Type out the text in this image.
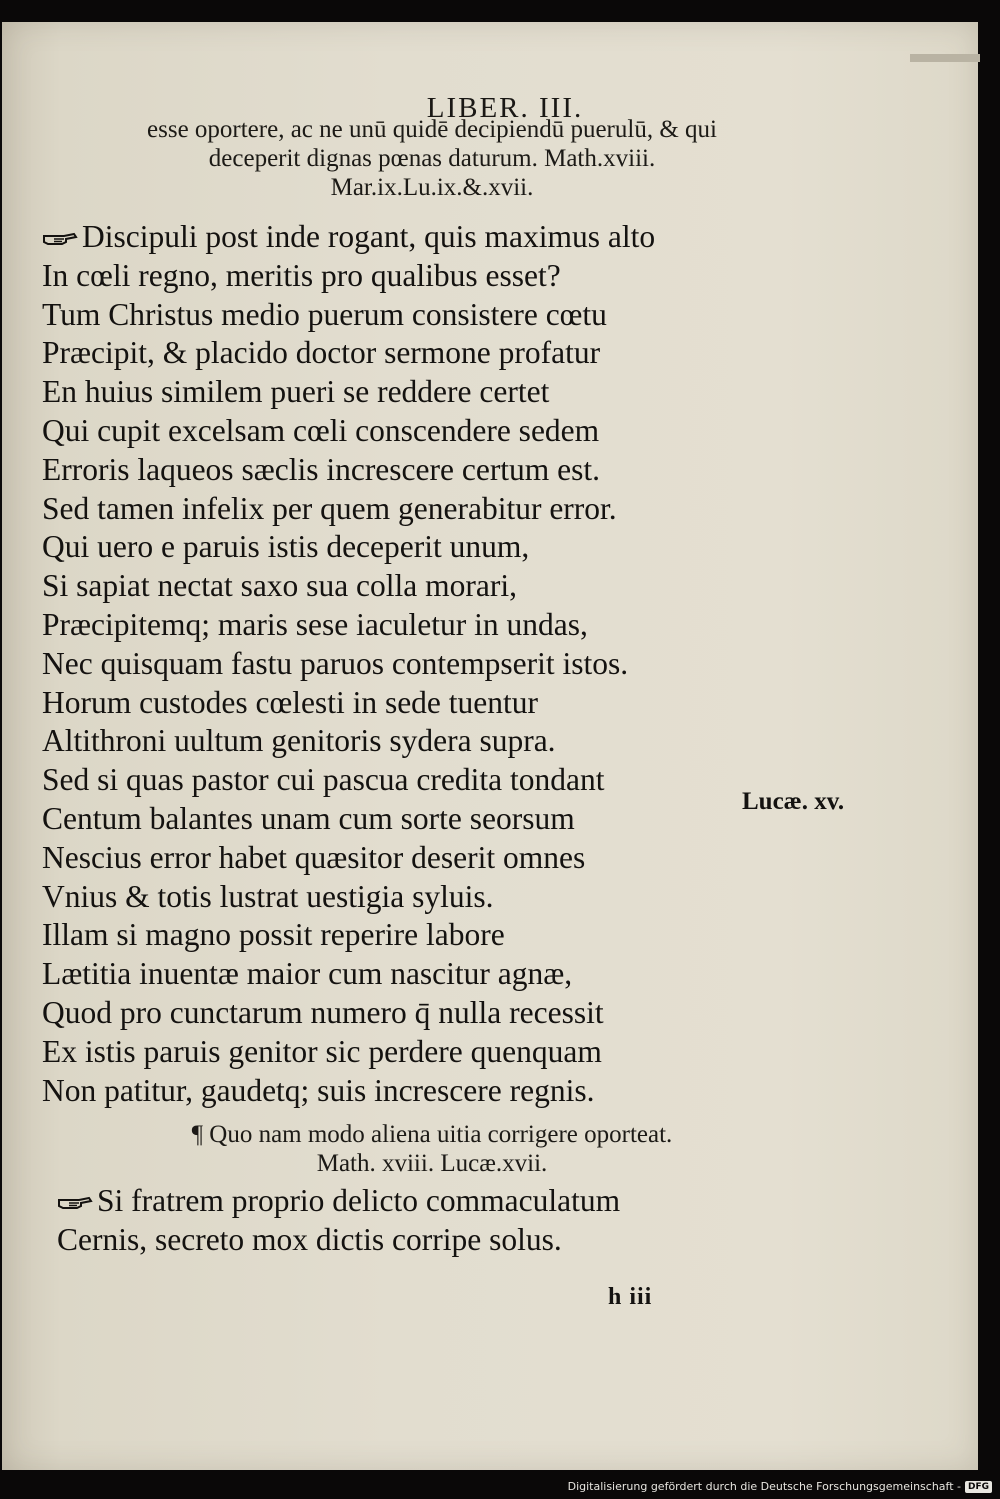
LIBER. III.
esse oportere, ac ne unū quidē decipiendū puerulū, & qui
deceperit dignas pœnas daturum. Math.xviii.
Mar.ix.Lu.ix.&.xvii.
Discipuli post inde rogant, quis maximus alto
In cœli regno, meritis pro qualibus esset?
Tum Christus medio puerum consistere cœtu
Præcipit, & placido doctor sermone profatur
En huius similem pueri se reddere certet
Qui cupit excelsam cœli conscendere sedem
Erroris laqueos sæclis increscere certum est.
Sed tamen infelix per quem generabitur error.
Qui uero e paruis istis deceperit unum,
Si sapiat nectat saxo sua colla morari,
Præcipitemq; maris sese iaculetur in undas,
Nec quisquam fastu paruos contempserit istos.
Horum custodes cœlesti in sede tuentur
Altithroni uultum genitoris sydera supra.
Sed si quas pastor cui pascua credita tondant
Centum balantes unam cum sorte seorsum
Nescius error habet quæsitor deserit omnes
Vnius & totis lustrat uestigia syluis.
Illam si magno possit reperire labore
Lætitia inuentæ maior cum nascitur agnæ,
Quod pro cunctarum numero q̄ nulla recessit
Ex istis paruis genitor sic perdere quenquam
Non patitur, gaudetq; suis increscere regnis.
Lucæ. xv.
¶ Quo nam modo aliena uitia corrigere oporteat.
Math. xviii. Lucæ.xvii.
Si fratrem proprio delicto commaculatum
Cernis, secreto mox dictis corripe solus.
h iii
Digitalisierung gefördert durch die Deutsche Forschungsgemeinschaft - DFG
